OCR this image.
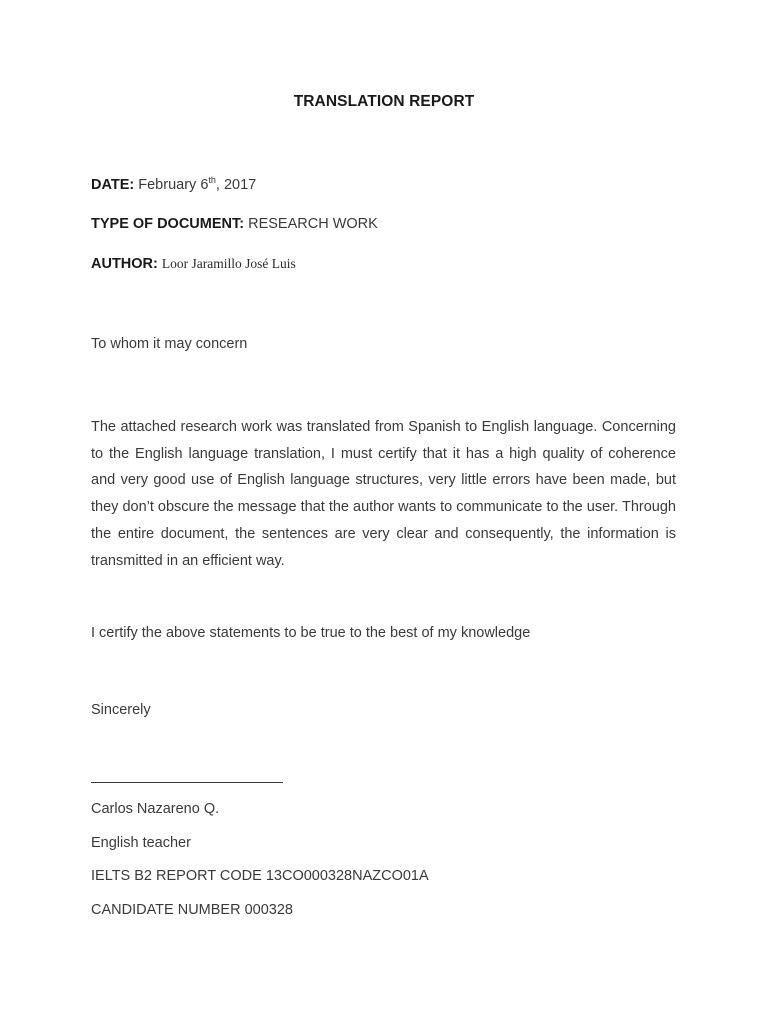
TRANSLATION REPORT
DATE: February 6th, 2017
TYPE OF DOCUMENT: RESEARCH WORK
AUTHOR: Loor Jaramillo José Luis
To whom it may concern
The attached research work was translated from Spanish to English language. Concerning to the English language translation, I must certify that it has a high quality of coherence and very good use of English language structures, very little errors have been made, but they don’t obscure the message that the author wants to communicate to the user. Through the entire document, the sentences are very clear and consequently, the information is transmitted in an efficient way.
I certify the above statements to be true to the best of my knowledge
Sincerely
Carlos Nazareno Q.
English teacher
IELTS B2 REPORT CODE 13CO000328NAZCO01A
CANDIDATE NUMBER 000328
